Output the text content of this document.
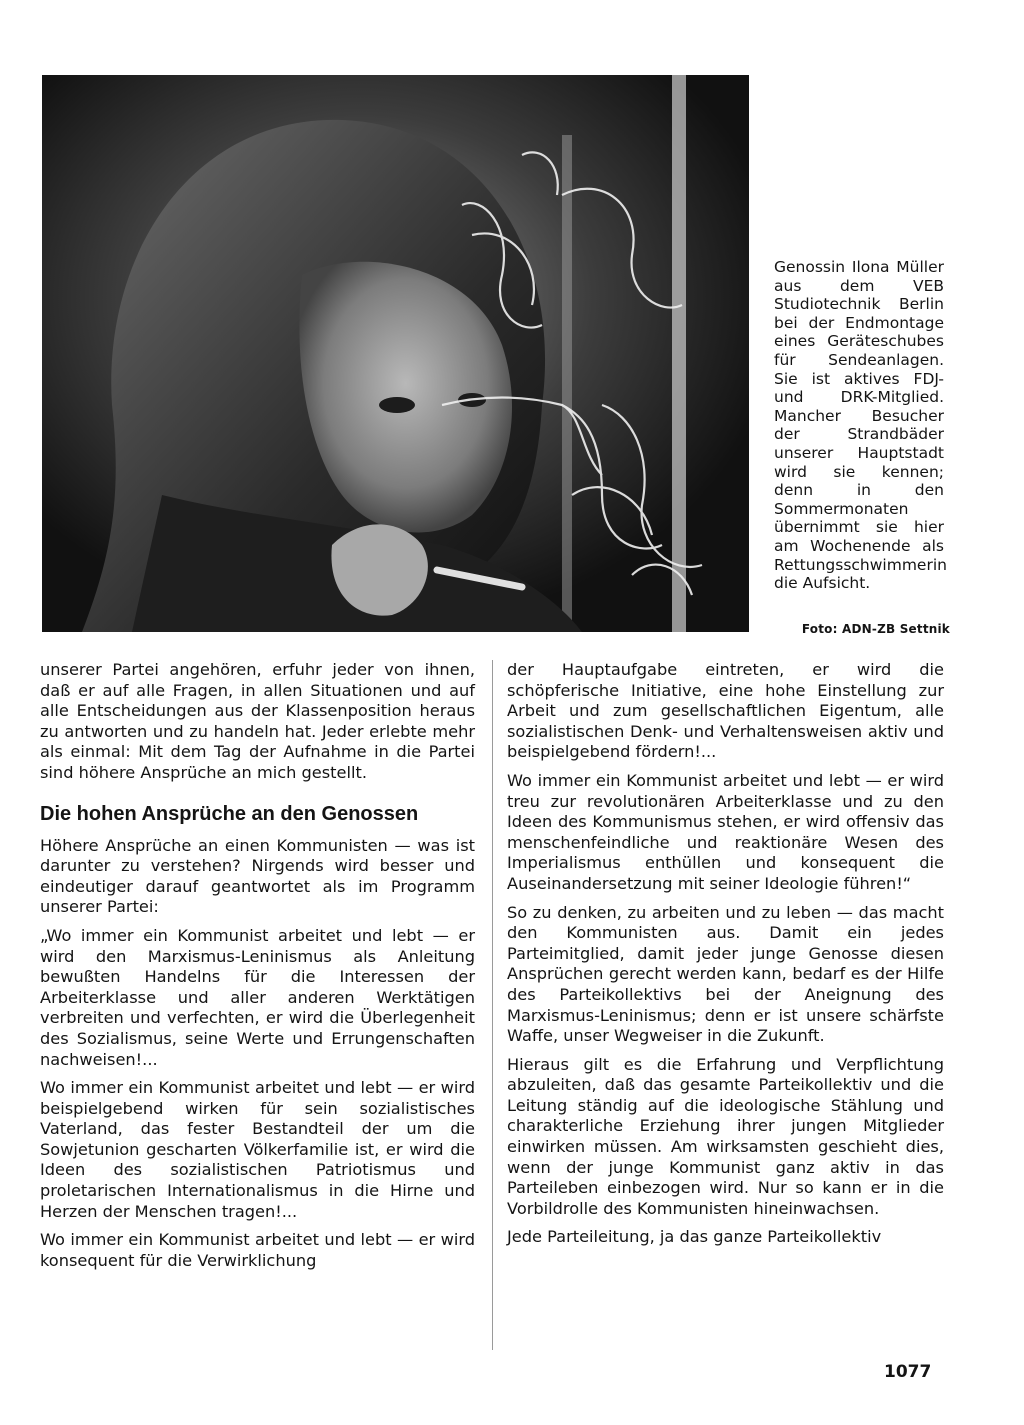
Genossin Ilona Müller aus dem VEB Studiotechnik Berlin bei der Endmontage eines Geräteschubes für Sendeanlagen. Sie ist aktives FDJ- und DRK-Mitglied. Mancher Besucher der Strandbäder unserer Hauptstadt wird sie kennen; denn in den Sommermonaten übernimmt sie hier am Wochenende als Rettungsschwimmerin die Aufsicht.
Foto: ADN-ZB Settnik

unserer Partei angehören, erfuhr jeder von ihnen, daß er auf alle Fragen, in allen Situationen und auf alle Entscheidungen aus der Klassenposition heraus zu antworten und zu handeln hat. Jeder erlebte mehr als einmal: Mit dem Tag der Aufnahme in die Partei sind höhere Ansprüche an mich gestellt.

Die hohen Ansprüche an den Genossen

Höhere Ansprüche an einen Kommunisten — was ist darunter zu verstehen? Nirgends wird besser und eindeutiger darauf geantwortet als im Programm unserer Partei:

„Wo immer ein Kommunist arbeitet und lebt — er wird den Marxismus-Leninismus als Anleitung bewußten Handelns für die Interessen der Arbeiterklasse und aller anderen Werktätigen verbreiten und verfechten, er wird die Überlegenheit des Sozialismus, seine Werte und Errungenschaften nachweisen!...

Wo immer ein Kommunist arbeitet und lebt — er wird beispielgebend wirken für sein sozialistisches Vaterland, das fester Bestandteil der um die Sowjetunion gescharten Völkerfamilie ist, er wird die Ideen des sozialistischen Patriotismus und proletarischen Internationalismus in die Hirne und Herzen der Menschen tragen!...

Wo immer ein Kommunist arbeitet und lebt — er wird konsequent für die Verwirklichung

der Hauptaufgabe eintreten, er wird die schöpferische Initiative, eine hohe Einstellung zur Arbeit und zum gesellschaftlichen Eigentum, alle sozialistischen Denk- und Verhaltensweisen aktiv und beispielgebend fördern!...

Wo immer ein Kommunist arbeitet und lebt — er wird treu zur revolutionären Arbeiterklasse und zu den Ideen des Kommunismus stehen, er wird offensiv das menschenfeindliche und reaktionäre Wesen des Imperialismus enthüllen und konsequent die Auseinandersetzung mit seiner Ideologie führen!“

So zu denken, zu arbeiten und zu leben — das macht den Kommunisten aus. Damit ein jedes Parteimitglied, damit jeder junge Genosse diesen Ansprüchen gerecht werden kann, bedarf es der Hilfe des Parteikollektivs bei der Aneignung des Marxismus-Leninismus; denn er ist unsere schärfste Waffe, unser Wegweiser in die Zukunft.

Hieraus gilt es die Erfahrung und Verpflichtung abzuleiten, daß das gesamte Parteikollektiv und die Leitung ständig auf die ideologische Stählung und charakterliche Erziehung ihrer jungen Mitglieder einwirken müssen. Am wirksamsten geschieht dies, wenn der junge Kommunist ganz aktiv in das Parteileben einbezogen wird. Nur so kann er in die Vorbildrolle des Kommunisten hineinwachsen.

Jede Parteileitung, ja das ganze Parteikollektiv

1077
